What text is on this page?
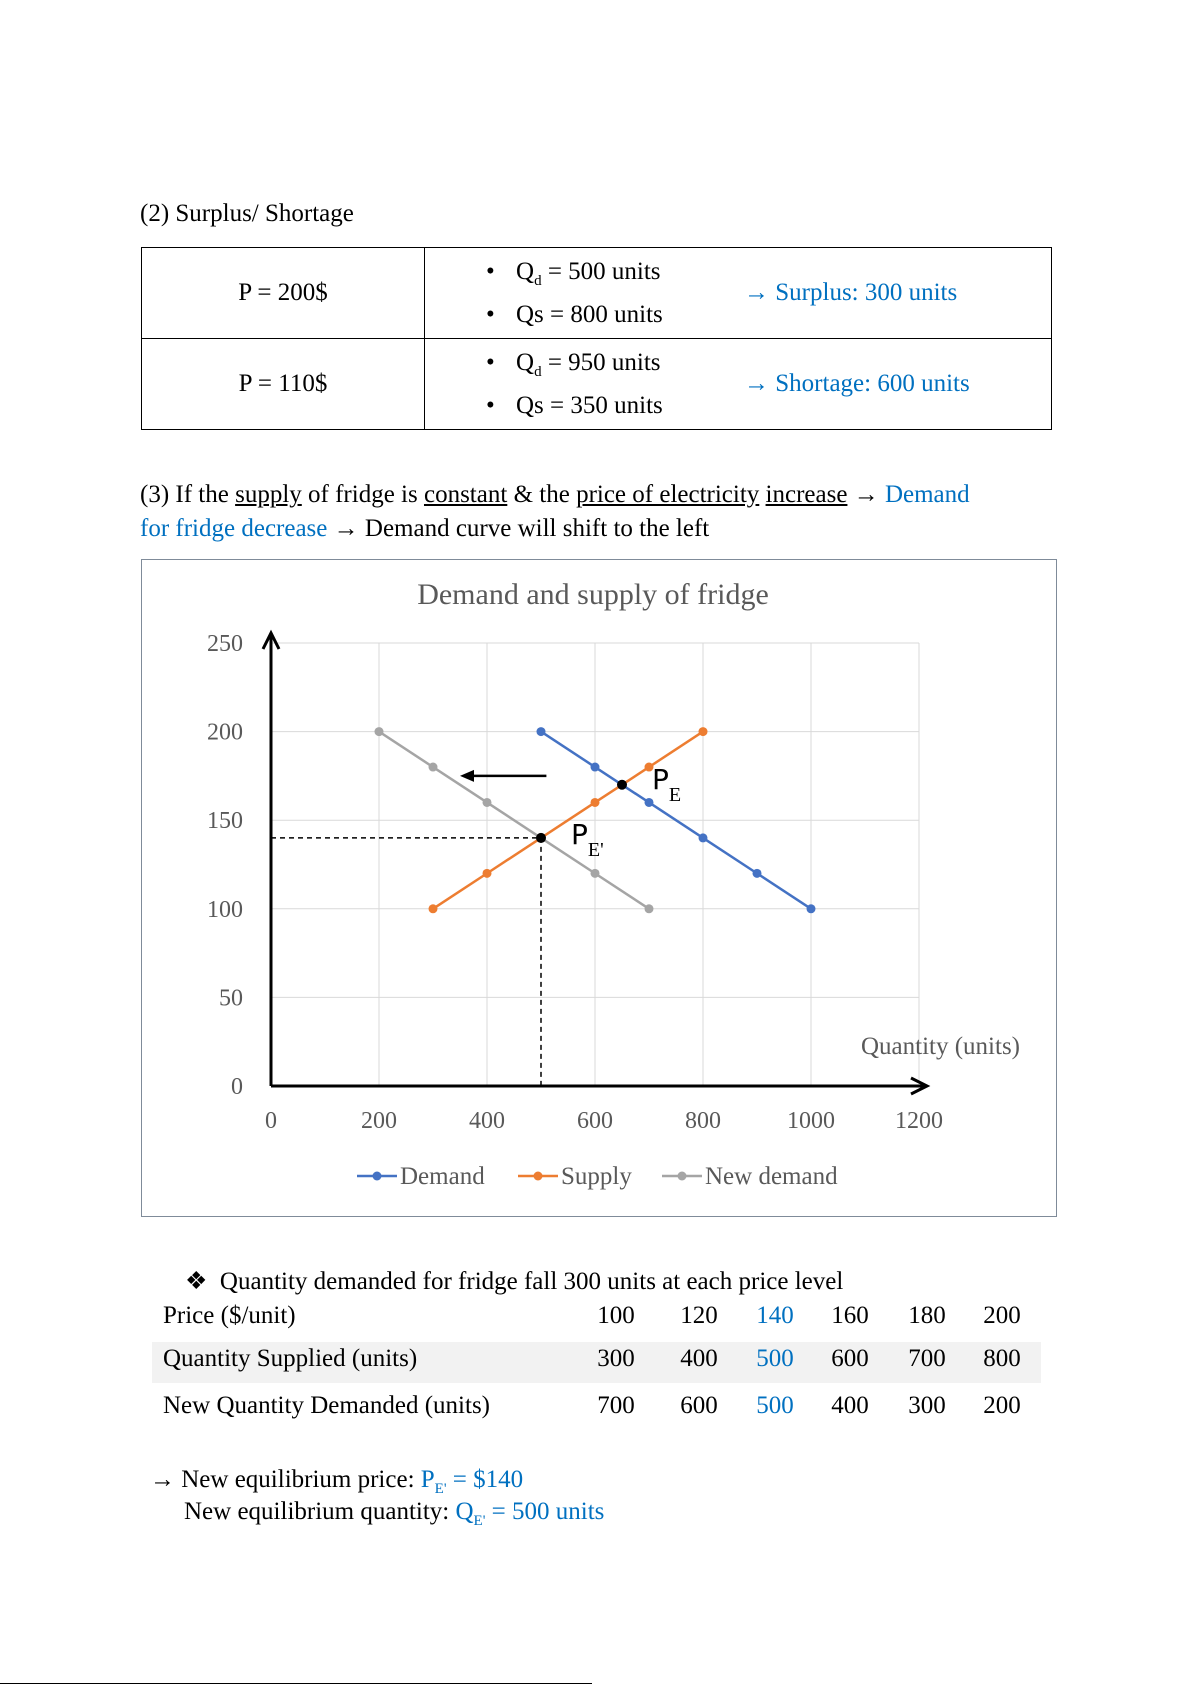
(2) Surplus/ Shortage
P = 200$	• $Q_d = 500$ units
• Qs = 800 units
→ Surplus: 300 units
P = 110$	• $Q_d = 950$ units
• Qs = 350 units
→ Shortage: 600 units
(3) If the supply of fridge is constant & the price of electricity increase → Demand
for fridge decrease → Demand curve will shift to the left
0
50
100
150
200
250
0	200	400	600	800	1000	1200
Demand and supply of fridge
Quantity (units)
$P_E$
$P_{E'}$
Demand	Supply	New demand
❖ Quantity demanded for fridge fall 300 units at each price level
Price ($/unit)	100 120 140 160 180 200
Quantity Supplied (units)	300 400 500 600 700 800
New Quantity Demanded (units)	700 600 500 400 300 200
→ New equilibrium price: $P_{E'}$ = $140
New equilibrium quantity: $Q_{E'} = 500$ units
